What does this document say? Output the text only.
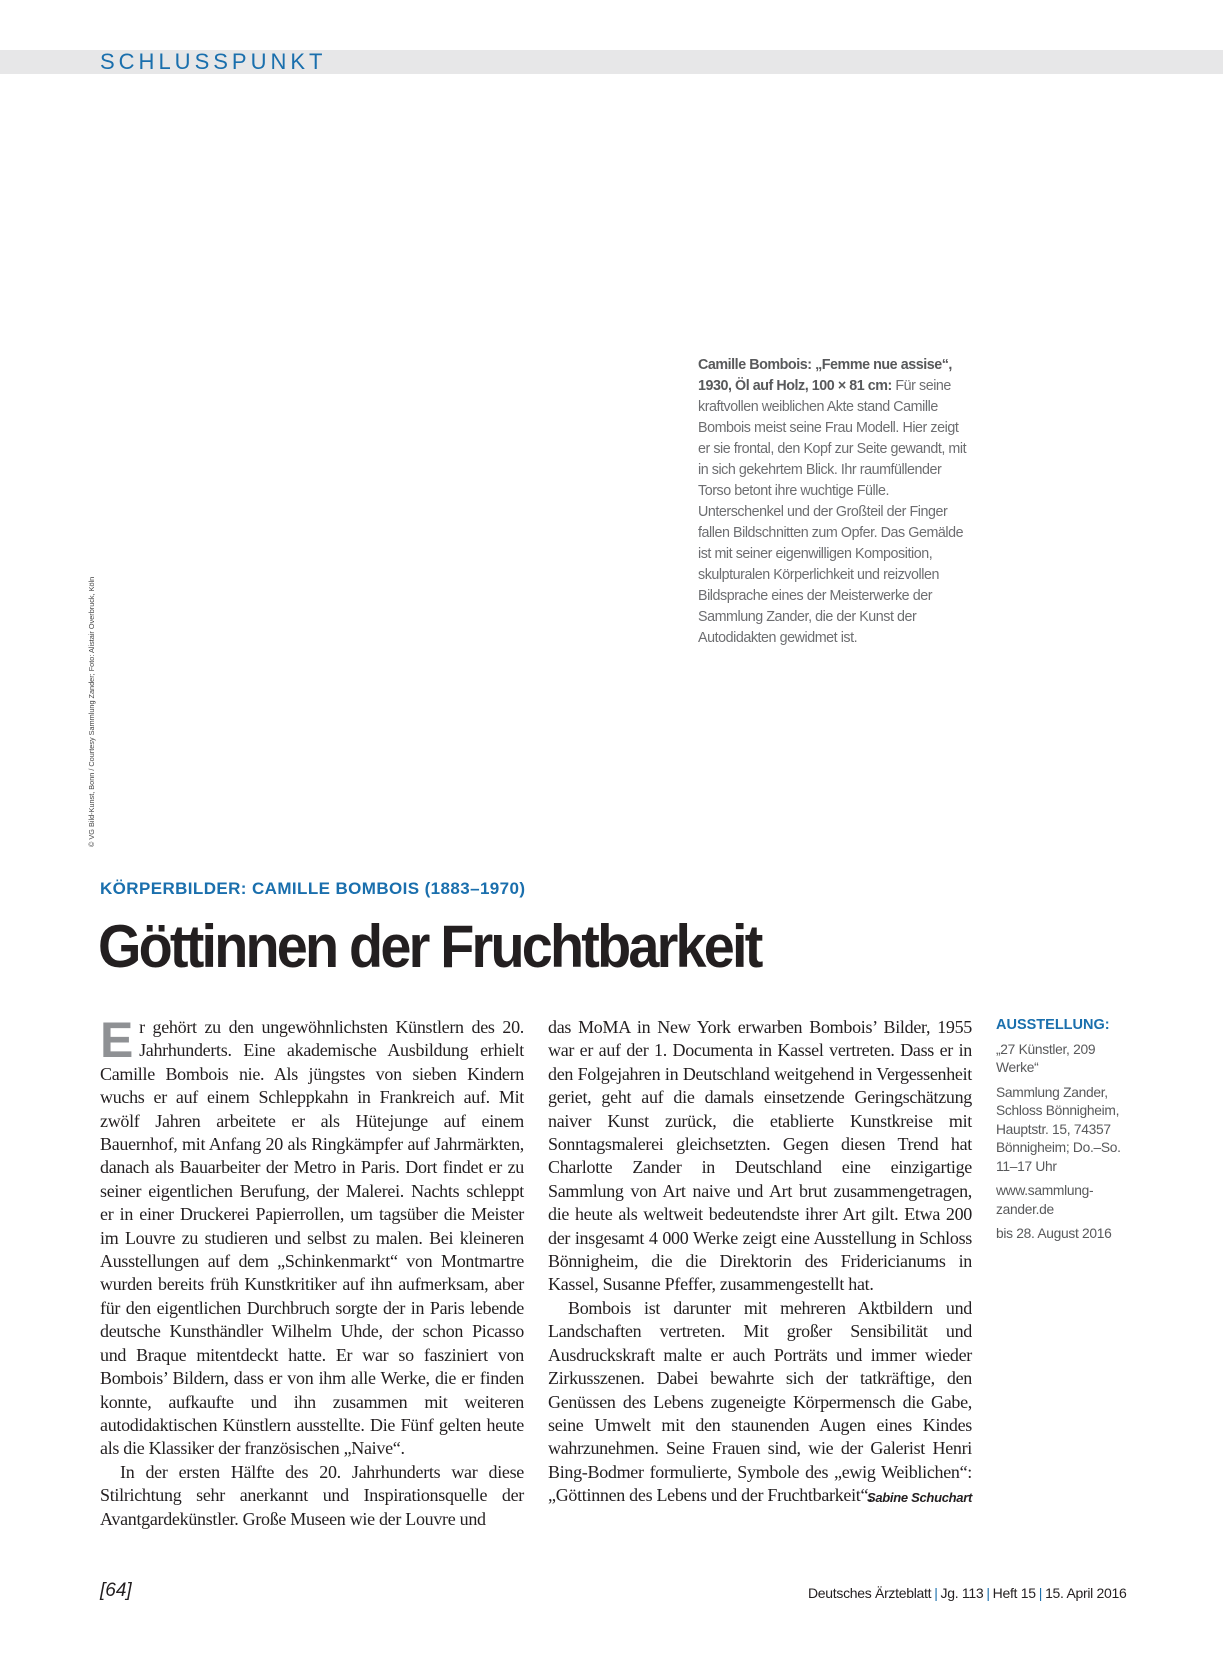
SCHLUSSPUNKT
© VG Bild-Kunst, Bonn / Courtesy Sammlung Zander; Foto: Alistair Overbruck, Köln
Camille Bombois: „Femme nue assise“, 1930, Öl auf Holz, 100 × 81 cm: Für seine kraftvollen weiblichen Akte stand Camille Bombois meist seine Frau Modell. Hier zeigt er sie frontal, den Kopf zur Seite gewandt, mit in sich gekehrtem Blick. Ihr raumfüllender Torso betont ihre wuchtige Fülle. Unterschenkel und der Großteil der Finger fallen Bildschnitten zum Opfer. Das Gemälde ist mit seiner eigenwilligen Komposition, skulpturalen Körperlichkeit und reizvollen Bildsprache eines der Meisterwerke der Sammlung Zander, die der Kunst der Autodidakten gewidmet ist.
KÖRPERBILDER: CAMILLE BOMBOIS (1883–1970)
Göttinnen der Fruchtbarkeit

Er gehört zu den ungewöhnlichsten Künstlern des 20. Jahrhunderts. Eine akademische Ausbildung erhielt Camille Bombois nie. Als jüngstes von sieben Kindern wuchs er auf einem Schleppkahn in Frankreich auf. Mit zwölf Jahren arbeitete er als Hütejunge auf einem Bauernhof, mit Anfang 20 als Ringkämpfer auf Jahrmärkten, danach als Bauarbeiter der Metro in Paris. Dort findet er zu seiner eigentlichen Berufung, der Malerei. Nachts schleppt er in einer Druckerei Papierrollen, um tagsüber die Meister im Louvre zu studieren und selbst zu malen. Bei kleineren Ausstellungen auf dem „Schinkenmarkt“ von Montmartre wurden bereits früh Kunstkritiker auf ihn aufmerksam, aber für den eigentlichen Durchbruch sorgte der in Paris lebende deutsche Kunsthändler Wilhelm Uhde, der schon Picasso und Braque mitentdeckt hatte. Er war so fasziniert von Bombois’ Bildern, dass er von ihm alle Werke, die er finden konnte, aufkaufte und ihn zusammen mit weiteren autodidaktischen Künstlern ausstellte. Die Fünf gelten heute als die Klassiker der französischen „Naive“.

In der ersten Hälfte des 20. Jahrhunderts war diese Stilrichtung sehr anerkannt und Inspirationsquelle der Avantgardekünstler. Große Museen wie der Louvre und

das MoMA in New York erwarben Bombois’ Bilder, 1955 war er auf der 1. Documenta in Kassel vertreten. Dass er in den Folgejahren in Deutschland weitgehend in Vergessenheit geriet, geht auf die damals einsetzende Geringschätzung naiver Kunst zurück, die etablierte Kunstkreise mit Sonntagsmalerei gleichsetzten. Gegen diesen Trend hat Charlotte Zander in Deutschland eine einzigartige Sammlung von Art naive und Art brut zusammengetragen, die heute als weltweit bedeutendste ihrer Art gilt. Etwa 200 der insgesamt 4 000 Werke zeigt eine Ausstellung in Schloss Bönnigheim, die die Direktorin des Fridericianums in Kassel, Susanne Pfeffer, zusammengestellt hat.

Bombois ist darunter mit mehreren Aktbildern und Landschaften vertreten. Mit großer Sensibilität und Ausdruckskraft malte er auch Porträts und immer wieder Zirkusszenen. Dabei bewahrte sich der tatkräftige, den Genüssen des Lebens zugeneigte Körpermensch die Gabe, seine Umwelt mit den staunenden Augen eines Kindes wahrzunehmen. Seine Frauen sind, wie der Galerist Henri Bing-Bodmer formulierte, Symbole des „ewig Weiblichen“: „Göttinnen des Lebens und der Fruchtbarkeit“.

Sabine Schuchart
AUSSTELLUNG:
„27 Künstler, 209 Werke“
Sammlung Zander, Schloss Bönnigheim, Hauptstr. 15, 74357 Bönnigheim; Do.–So. 11–17 Uhr
www.sammlung-zander.de
bis 28. August 2016
[64]	Deutsches Ärzteblatt | Jg. 113 | Heft 15 | 15. April 2016
